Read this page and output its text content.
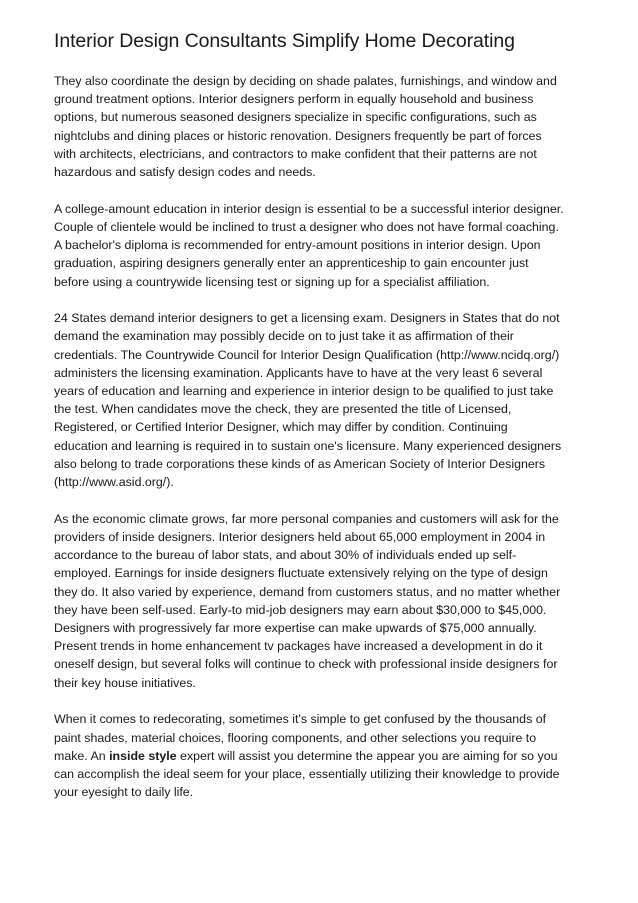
Interior Design Consultants Simplify Home Decorating

They also coordinate the design by deciding on shade palates, furnishings, and window and
ground treatment options. Interior designers perform in equally household and business
options, but numerous seasoned designers specialize in specific configurations, such as
nightclubs and dining places or historic renovation. Designers frequently be part of forces
with architects, electricians, and contractors to make confident that their patterns are not
hazardous and satisfy design codes and needs.

A college-amount education in interior design is essential to be a successful interior designer.
Couple of clientele would be inclined to trust a designer who does not have formal coaching.
A bachelor's diploma is recommended for entry-amount positions in interior design. Upon
graduation, aspiring designers generally enter an apprenticeship to gain encounter just
before using a countrywide licensing test or signing up for a specialist affiliation.

24 States demand interior designers to get a licensing exam. Designers in States that do not
demand the examination may possibly decide on to just take it as affirmation of their
credentials. The Countrywide Council for Interior Design Qualification (http://www.ncidq.org/)
administers the licensing examination. Applicants have to have at the very least 6 several
years of education and learning and experience in interior design to be qualified to just take
the test. When candidates move the check, they are presented the title of Licensed,
Registered, or Certified Interior Designer, which may differ by condition. Continuing
education and learning is required in to sustain one's licensure. Many experienced designers
also belong to trade corporations these kinds of as American Society of Interior Designers
(http://www.asid.org/).

As the economic climate grows, far more personal companies and customers will ask for the
providers of inside designers. Interior designers held about 65,000 employment in 2004 in
accordance to the bureau of labor stats, and about 30% of individuals ended up self-
employed. Earnings for inside designers fluctuate extensively relying on the type of design
they do. It also varied by experience, demand from customers status, and no matter whether
they have been self-used. Early-to mid-job designers may earn about $30,000 to $45,000.
Designers with progressively far more expertise can make upwards of $75,000 annually.
Present trends in home enhancement tv packages have increased a development in do it
oneself design, but several folks will continue to check with professional inside designers for
their key house initiatives.

When it comes to redecorating, sometimes it's simple to get confused by the thousands of
paint shades, material choices, flooring components, and other selections you require to
make. An inside style expert will assist you determine the appear you are aiming for so you
can accomplish the ideal seem for your place, essentially utilizing their knowledge to provide
your eyesight to daily life.
